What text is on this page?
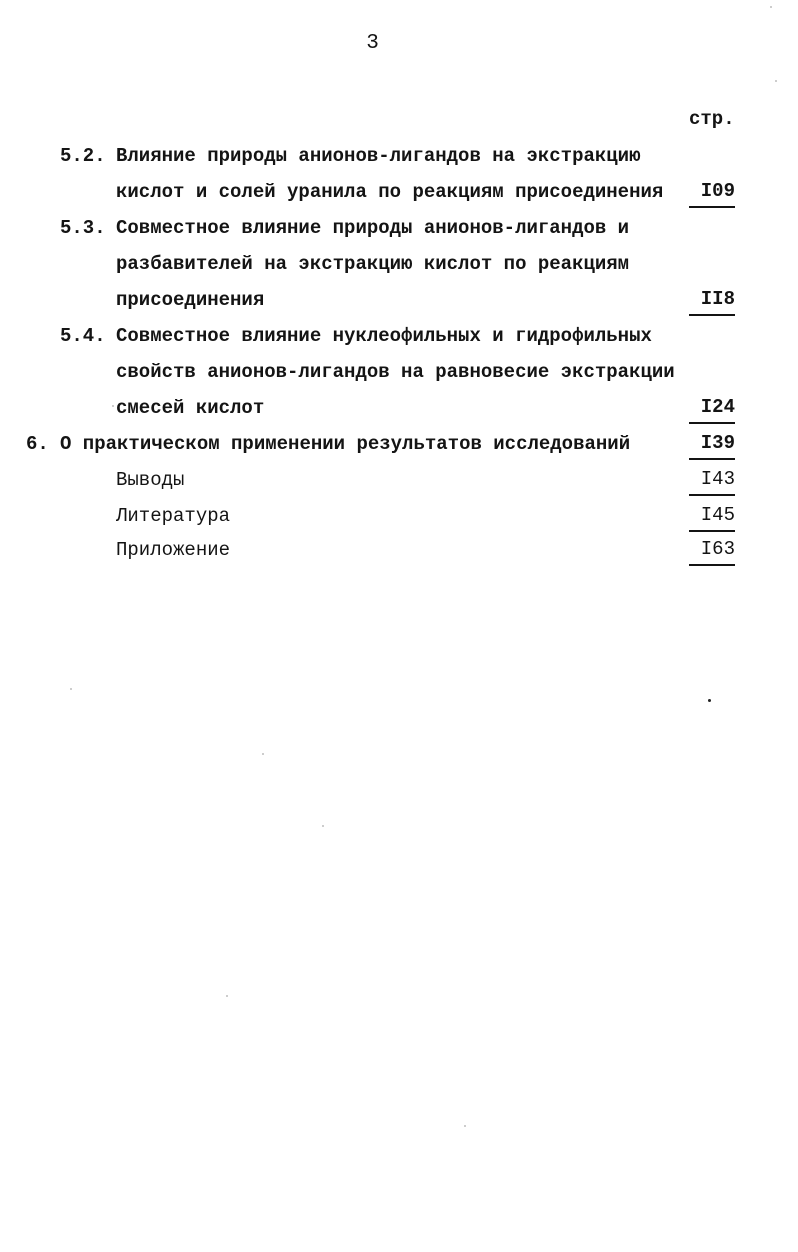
3
стр.
5.2. Влияние природы анионов-лигандов на экстракцию
кислот и солей уранила по реакциям присоединения	I09
5.3. Совместное влияние природы анионов-лигандов и
разбавителей на экстракцию кислот по реакциям
присоединения	II8
5.4. Совместное влияние нуклеофильных и гидрофильных
свойств анионов-лигандов на равновесие экстракции
смесей кислот	I24
6. О практическом применении результатов исследований	I39
Выводы	I43
Литература	I45
Приложение	I63
